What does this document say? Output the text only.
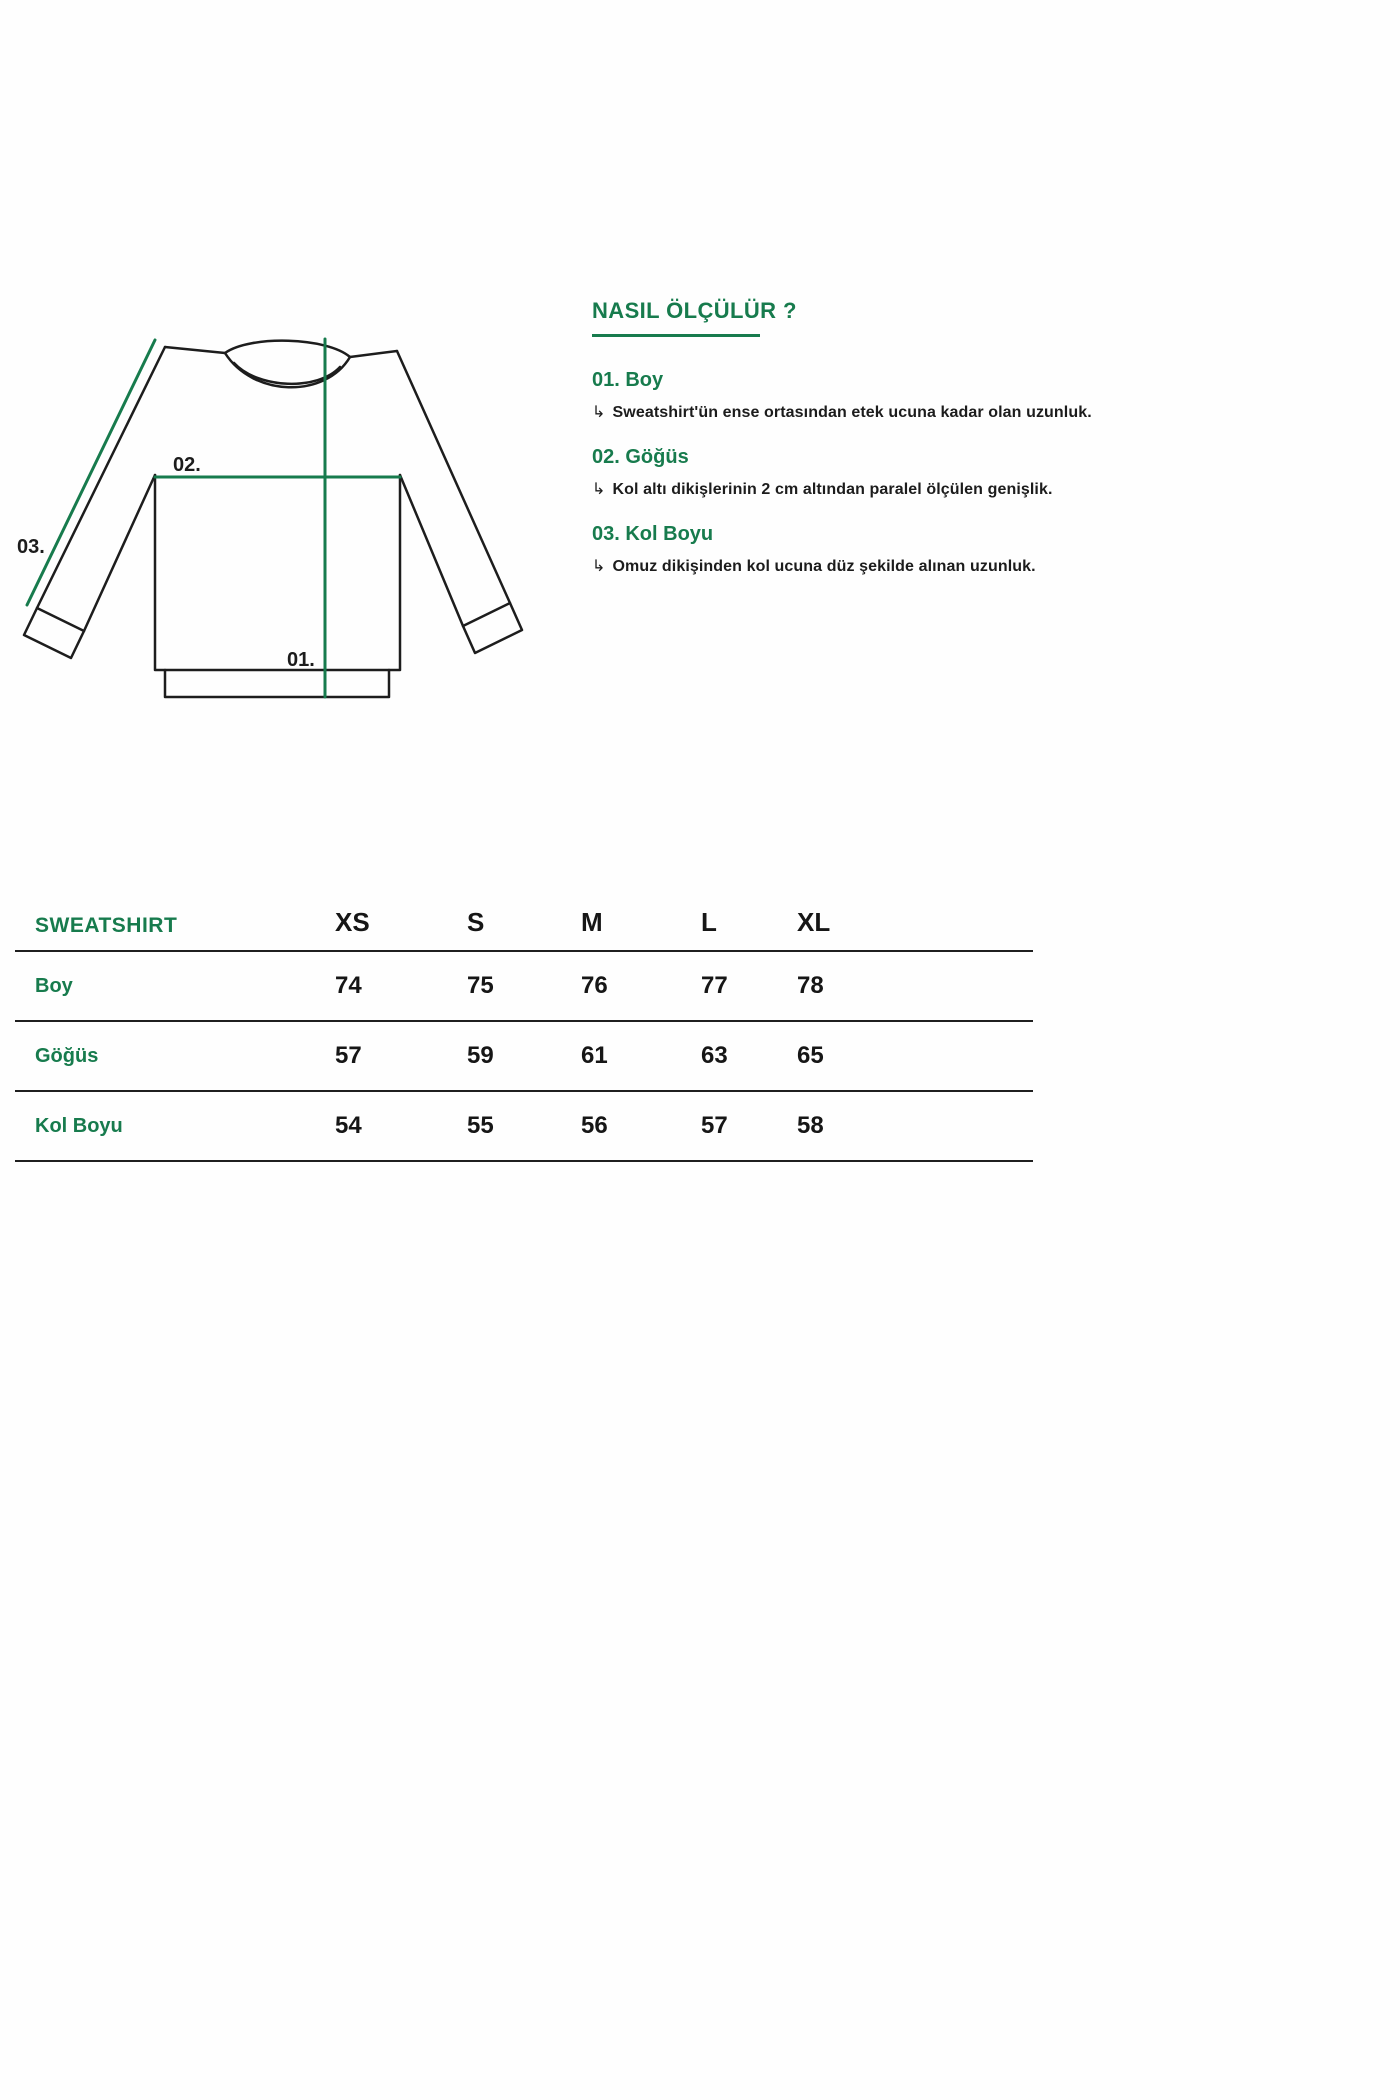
02.
01.
03.
NASIL ÖLÇÜLÜR ?
01. Boy
↳ Sweatshirt'ün ense ortasından etek ucuna kadar olan uzunluk.
02. Göğüs
↳ Kol altı dikişlerinin 2 cm altından paralel ölçülen genişlik.
03. Kol Boyu
↳ Omuz dikişinden kol ucuna düz şekilde alınan uzunluk.
SWEATSHIRT	XS	S	M	L	XL
Boy	74	75	76	77	78
Göğüs	57	59	61	63	65
Kol Boyu	54	55	56	57	58
